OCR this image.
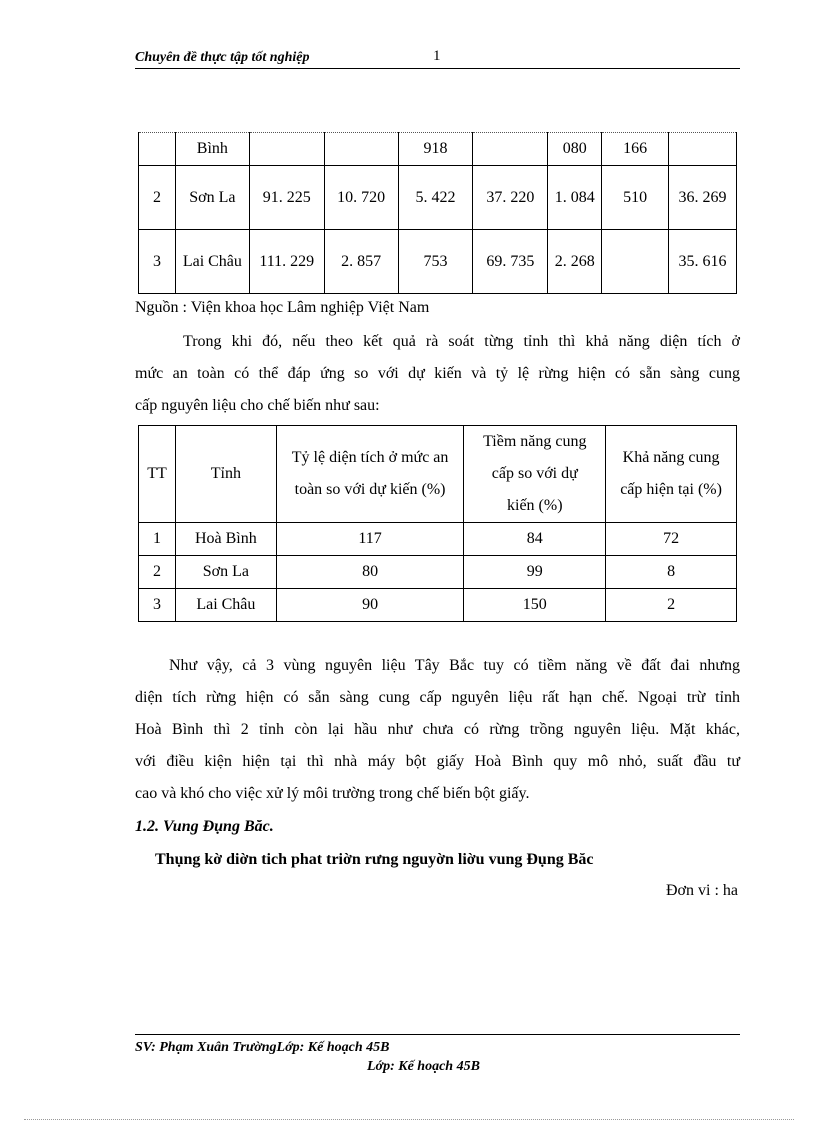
Chuyên đề thực tập tốt nghiệp	1
	Bình			918		080	166	
2	Sơn La	91. 225	10. 720	5. 422	37. 220	1. 084	510	36. 269
3	Lai Châu	111. 229	2. 857	753	69. 735	2. 268		35. 616
Nguồn : Viện khoa học Lâm nghiệp Việt Nam
Trong khi đó, nếu theo kết quả rà soát từng tỉnh thì khả năng diện tích ở
mức an toàn có thể đáp ứng so với dự kiến và tỷ lệ rừng hiện có sẵn sàng cung
cấp nguyên liệu cho chế biến như sau:
TT	Tỉnh	Tỷ lệ diện tích ở mức an toàn so với dự kiến (%)	Tiềm năng cung cấp so với dự kiến (%)	Khả năng cung cấp hiện tại (%)
1	Hoà Bình	117	84	72
2	Sơn La	80	99	8
3	Lai Châu	90	150	2
Như vậy, cả 3 vùng nguyên liệu Tây Bắc tuy có tiềm năng về đất đai nhưng
diện tích rừng hiện có sẵn sàng cung cấp nguyên liệu rất hạn chế. Ngoại trừ tỉnh
Hoà Bình thì 2 tỉnh còn lại hầu như chưa có rừng trồng nguyên liệu. Mặt khác,
với điều kiện hiện tại thì nhà máy bột giấy Hoà Bình quy mô nhỏ, suất đầu tư
cao và khó cho việc xử lý môi trường trong chế biến bột giấy.
1.2. Vung Đụng Băc.
Thụng kờ diờn tich phat triờn rưng nguyờn liờu vung Đụng Băc
Đơn vi : ha
SV: Phạm Xuân TrườngLớp: Kế hoạch 45B
Lớp: Kế hoạch 45B
